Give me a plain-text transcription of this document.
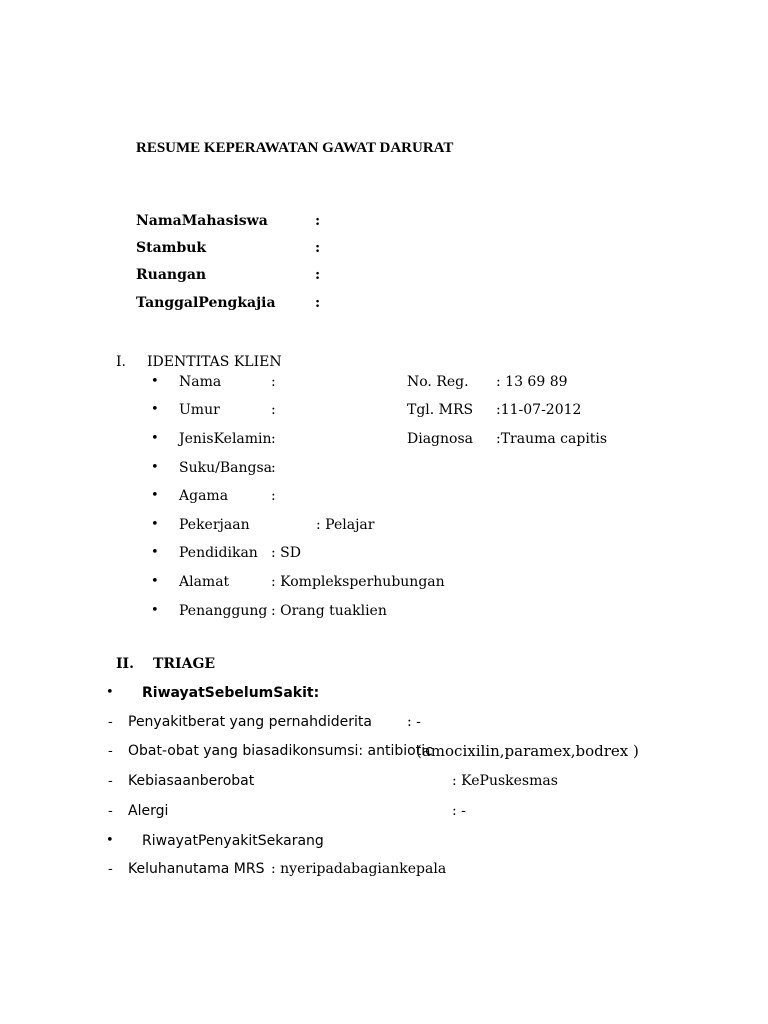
RESUME KEPERAWATAN GAWAT DARURAT
NamaMahasiswa	:
Stambuk	:
Ruangan	:
TanggalPengkajia	:
I. IDENTITAS KLIEN
• Nama	:	No. Reg. : 13 69 89
• Umur	:	Tgl. MRS :11-07-2012
• JenisKelamin :	Diagnosa :Trauma capitis
• Suku/Bangsa :
• Agama	:
• Pekerjaan	: Pelajar
• Pendidikan : SD
• Alamat	: Kompleksperhubungan
• Penanggung : Orang tuaklien
II. TRIAGE
• RiwayatSebelumSakit:
- Penyakitberat yang pernahdiderita	: -
- Obat-obat yang biasadikonsumsi: antibiotic
(amocixilin,paramex,bodrex )
- Kebiasaanberobat	: KePuskesmas
- Alergi	: -
• RiwayatPenyakitSekarang
- Keluhanutama MRS : nyeripadabagiankepala
